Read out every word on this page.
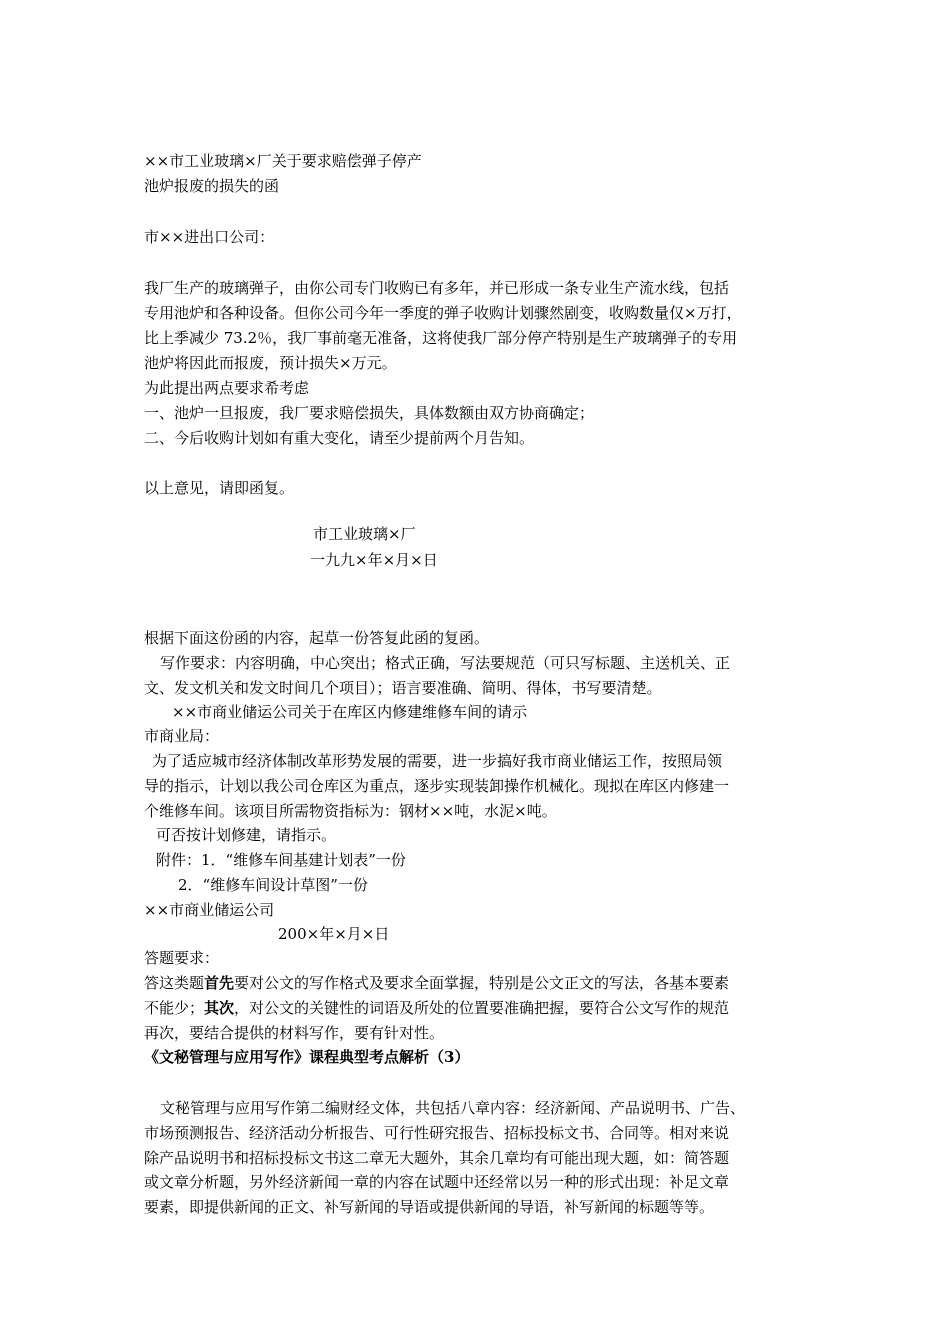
××市工业玻璃×厂关于要求赔偿弹子停产
池炉报废的损失的函
市××进出口公司：
我厂生产的玻璃弹子，由你公司专门收购已有多年，并已形成一条专业生产流水线，包括
专用池炉和各种设备。但你公司今年一季度的弹子收购计划骤然剧变，收购数量仅×万打，
比上季减少 73.2％，我厂事前毫无准备，这将使我厂部分停产特别是生产玻璃弹子的专用
池炉将因此而报废，预计损失×万元。
为此提出两点要求希考虑
一、池炉一旦报废，我厂要求赔偿损失，具体数额由双方协商确定；
二、今后收购计划如有重大变化，请至少提前两个月告知。
以上意见，请即函复。
市工业玻璃×厂
一九九×年×月×日
根据下面这份函的内容，起草一份答复此函的复函。
写作要求：内容明确，中心突出；格式正确，写法要规范（可只写标题、主送机关、正
文、发文机关和发文时间几个项目）；语言要准确、简明、得体，书写要清楚。
××市商业储运公司关于在库区内修建维修车间的请示
市商业局：
为了适应城市经济体制改革形势发展的需要，进一步搞好我市商业储运工作，按照局领
导的指示，计划以我公司仓库区为重点，逐步实现装卸操作机械化。现拟在库区内修建一
个维修车间。该项目所需物资指标为：钢材××吨，水泥×吨。
可否按计划修建，请指示。
附件：1．“维修车间基建计划表”一份
2．“维修车间设计草图”一份
××市商业储运公司
200×年×月×日
答题要求：
答这类题首先要对公文的写作格式及要求全面掌握，特别是公文正文的写法，各基本要素
不能少；其次，对公文的关键性的词语及所处的位置要准确把握，要符合公文写作的规范
再次，要结合提供的材料写作，要有针对性。
《文秘管理与应用写作》课程典型考点解析（3）
文秘管理与应用写作第二编财经文体，共包括八章内容：经济新闻、产品说明书、广告、
市场预测报告、经济活动分析报告、可行性研究报告、招标投标文书、合同等。相对来说
除产品说明书和招标投标文书这二章无大题外，其余几章均有可能出现大题，如：简答题
或文章分析题，另外经济新闻一章的内容在试题中还经常以另一种的形式出现：补足文章
要素，即提供新闻的正文、补写新闻的导语或提供新闻的导语，补写新闻的标题等等。
